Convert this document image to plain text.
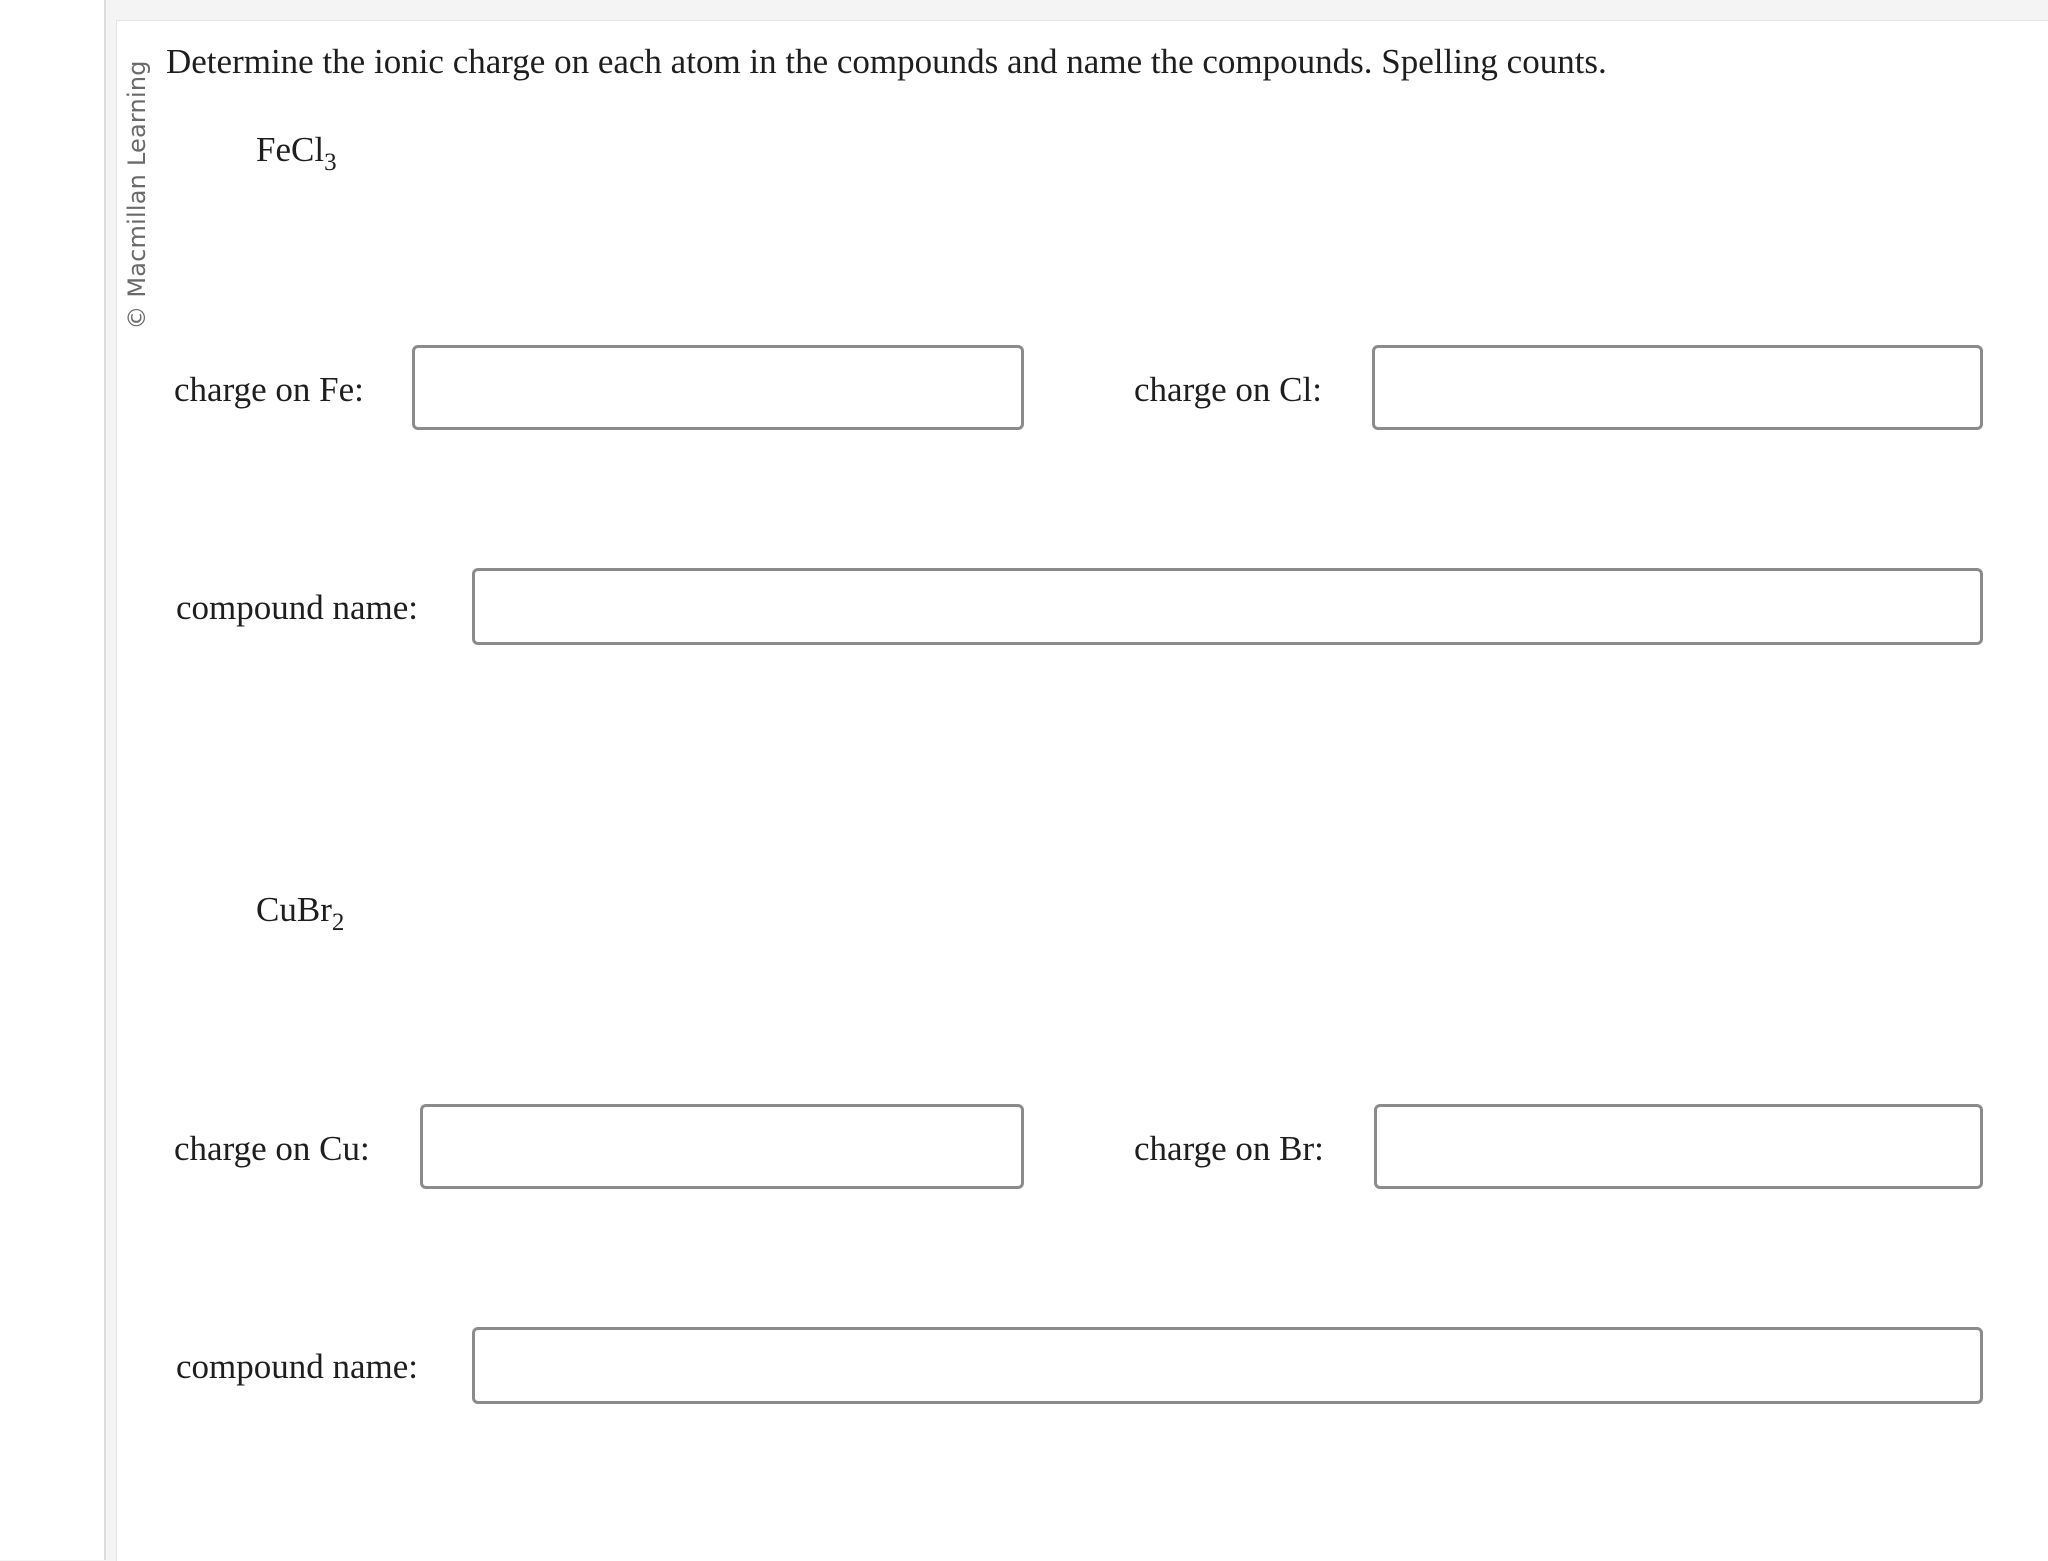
© Macmillan Learning Determine the ionic charge on each atom in the compounds and name the compounds. Spelling counts.
FeCl$_3$
charge on Fe:	charge on Cl:
compound name:
CuBr$_2$
charge on Cu:	charge on Br:
compound name:
